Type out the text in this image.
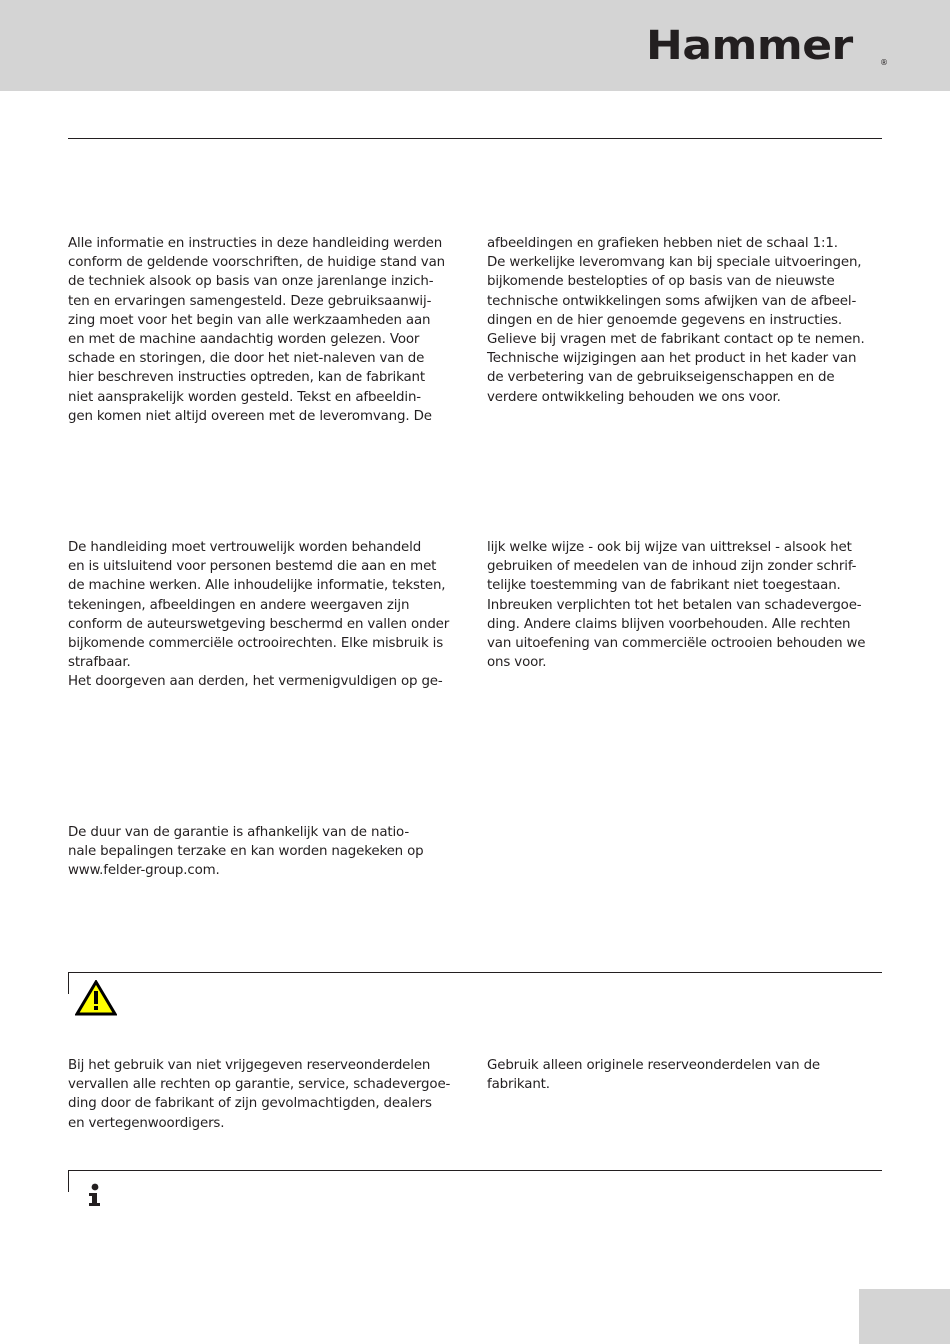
Hammer	®
Alle informatie en instructies in deze handleiding werden
conform de geldende voorschriften, de huidige stand van
de techniek alsook op basis van onze jarenlange inzich-
ten en ervaringen samengesteld. Deze gebruiksaanwij-
zing moet voor het begin van alle werkzaamheden aan
en met de machine aandachtig worden gelezen. Voor
schade en storingen, die door het niet-naleven van de
hier beschreven instructies optreden, kan de fabrikant
niet aansprakelijk worden gesteld. Tekst en afbeeldin-
gen komen niet altijd overeen met de leveromvang. De
afbeeldingen en grafieken hebben niet de schaal 1:1.
De werkelijke leveromvang kan bij speciale uitvoeringen,
bijkomende bestelopties of op basis van de nieuwste
technische ontwikkelingen soms afwijken van de afbeel-
dingen en de hier genoemde gegevens en instructies.
Gelieve bij vragen met de fabrikant contact op te nemen.
Technische wijzigingen aan het product in het kader van
de verbetering van de gebruikseigenschappen en de
verdere ontwikkeling behouden we ons voor.
De handleiding moet vertrouwelijk worden behandeld
en is uitsluitend voor personen bestemd die aan en met
de machine werken. Alle inhoudelijke informatie, teksten,
tekeningen, afbeeldingen en andere weergaven zijn
conform de auteurswetgeving beschermd en vallen onder
bijkomende commerciële octrooirechten. Elke misbruik is
strafbaar.
Het doorgeven aan derden, het vermenigvuldigen op ge-
lijk welke wijze - ook bij wijze van uittreksel - alsook het
gebruiken of meedelen van de inhoud zijn zonder schrif-
telijke toestemming van de fabrikant niet toegestaan.
Inbreuken verplichten tot het betalen van schadevergoe-
ding. Andere claims blijven voorbehouden. Alle rechten
van uitoefening van commerciële octrooien behouden we
ons voor.
De duur van de garantie is afhankelijk van de natio-
nale bepalingen terzake en kan worden nagekeken op
www.felder-group.com.
Bij het gebruik van niet vrijgegeven reserveonderdelen
vervallen alle rechten op garantie, service, schadevergoe-
ding door de fabrikant of zijn gevolmachtigden, dealers
en vertegenwoordigers.
Gebruik alleen originele reserveonderdelen van de
fabrikant.
